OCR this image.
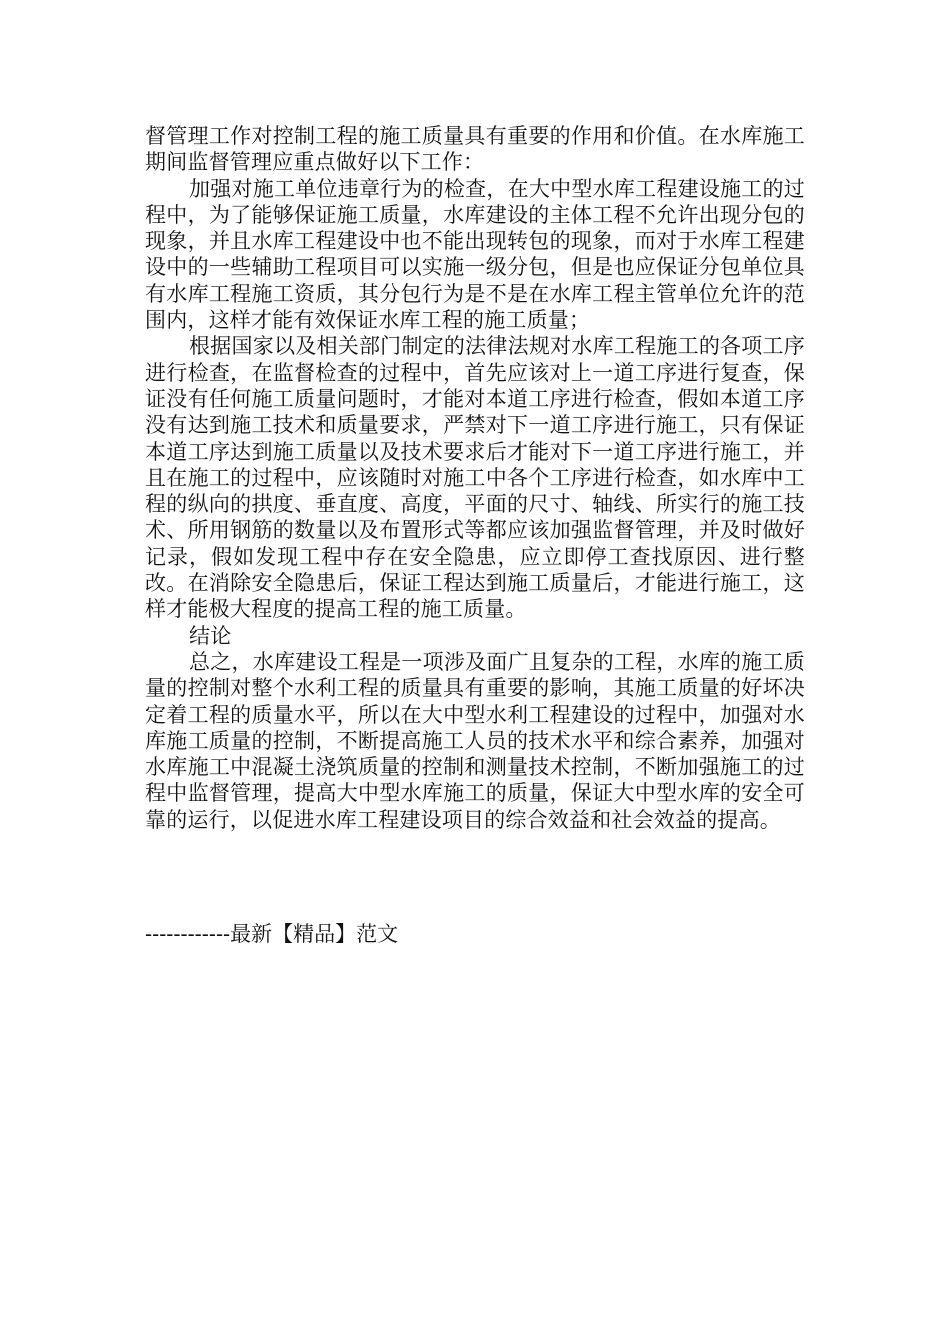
督管理工作对控制工程的施工质量具有重要的作用和价值。在水库施工期间监督管理应重点做好以下工作：

加强对施工单位违章行为的检查，在大中型水库工程建设施工的过程中，为了能够保证施工质量，水库建设的主体工程不允许出现分包的现象，并且水库工程建设中也不能出现转包的现象，而对于水库工程建设中的一些辅助工程项目可以实施一级分包，但是也应保证分包单位具有水库工程施工资质，其分包行为是不是在水库工程主管单位允许的范围内，这样才能有效保证水库工程的施工质量；

根据国家以及相关部门制定的法律法规对水库工程施工的各项工序进行检查，在监督检查的过程中，首先应该对上一道工序进行复查，保证没有任何施工质量问题时，才能对本道工序进行检查，假如本道工序没有达到施工技术和质量要求，严禁对下一道工序进行施工，只有保证本道工序达到施工质量以及技术要求后才能对下一道工序进行施工，并且在施工的过程中，应该随时对施工中各个工序进行检查，如水库中工程的纵向的拱度、垂直度、高度，平面的尺寸、轴线、所实行的施工技术、所用钢筋的数量以及布置形式等都应该加强监督管理，并及时做好记录，假如发现工程中存在安全隐患，应立即停工查找原因、进行整改。在消除安全隐患后，保证工程达到施工质量后，才能进行施工，这样才能极大程度的提高工程的施工质量。

结论

总之，水库建设工程是一项涉及面广且复杂的工程，水库的施工质量的控制对整个水利工程的质量具有重要的影响，其施工质量的好坏决定着工程的质量水平，所以在大中型水利工程建设的过程中，加强对水库施工质量的控制，不断提高施工人员的技术水平和综合素养，加强对水库施工中混凝土浇筑质量的控制和测量技术控制，不断加强施工的过程中监督管理，提高大中型水库施工的质量，保证大中型水库的安全可靠的运行，以促进水库工程建设项目的综合效益和社会效益的提高。

------------最新【精品】范文
